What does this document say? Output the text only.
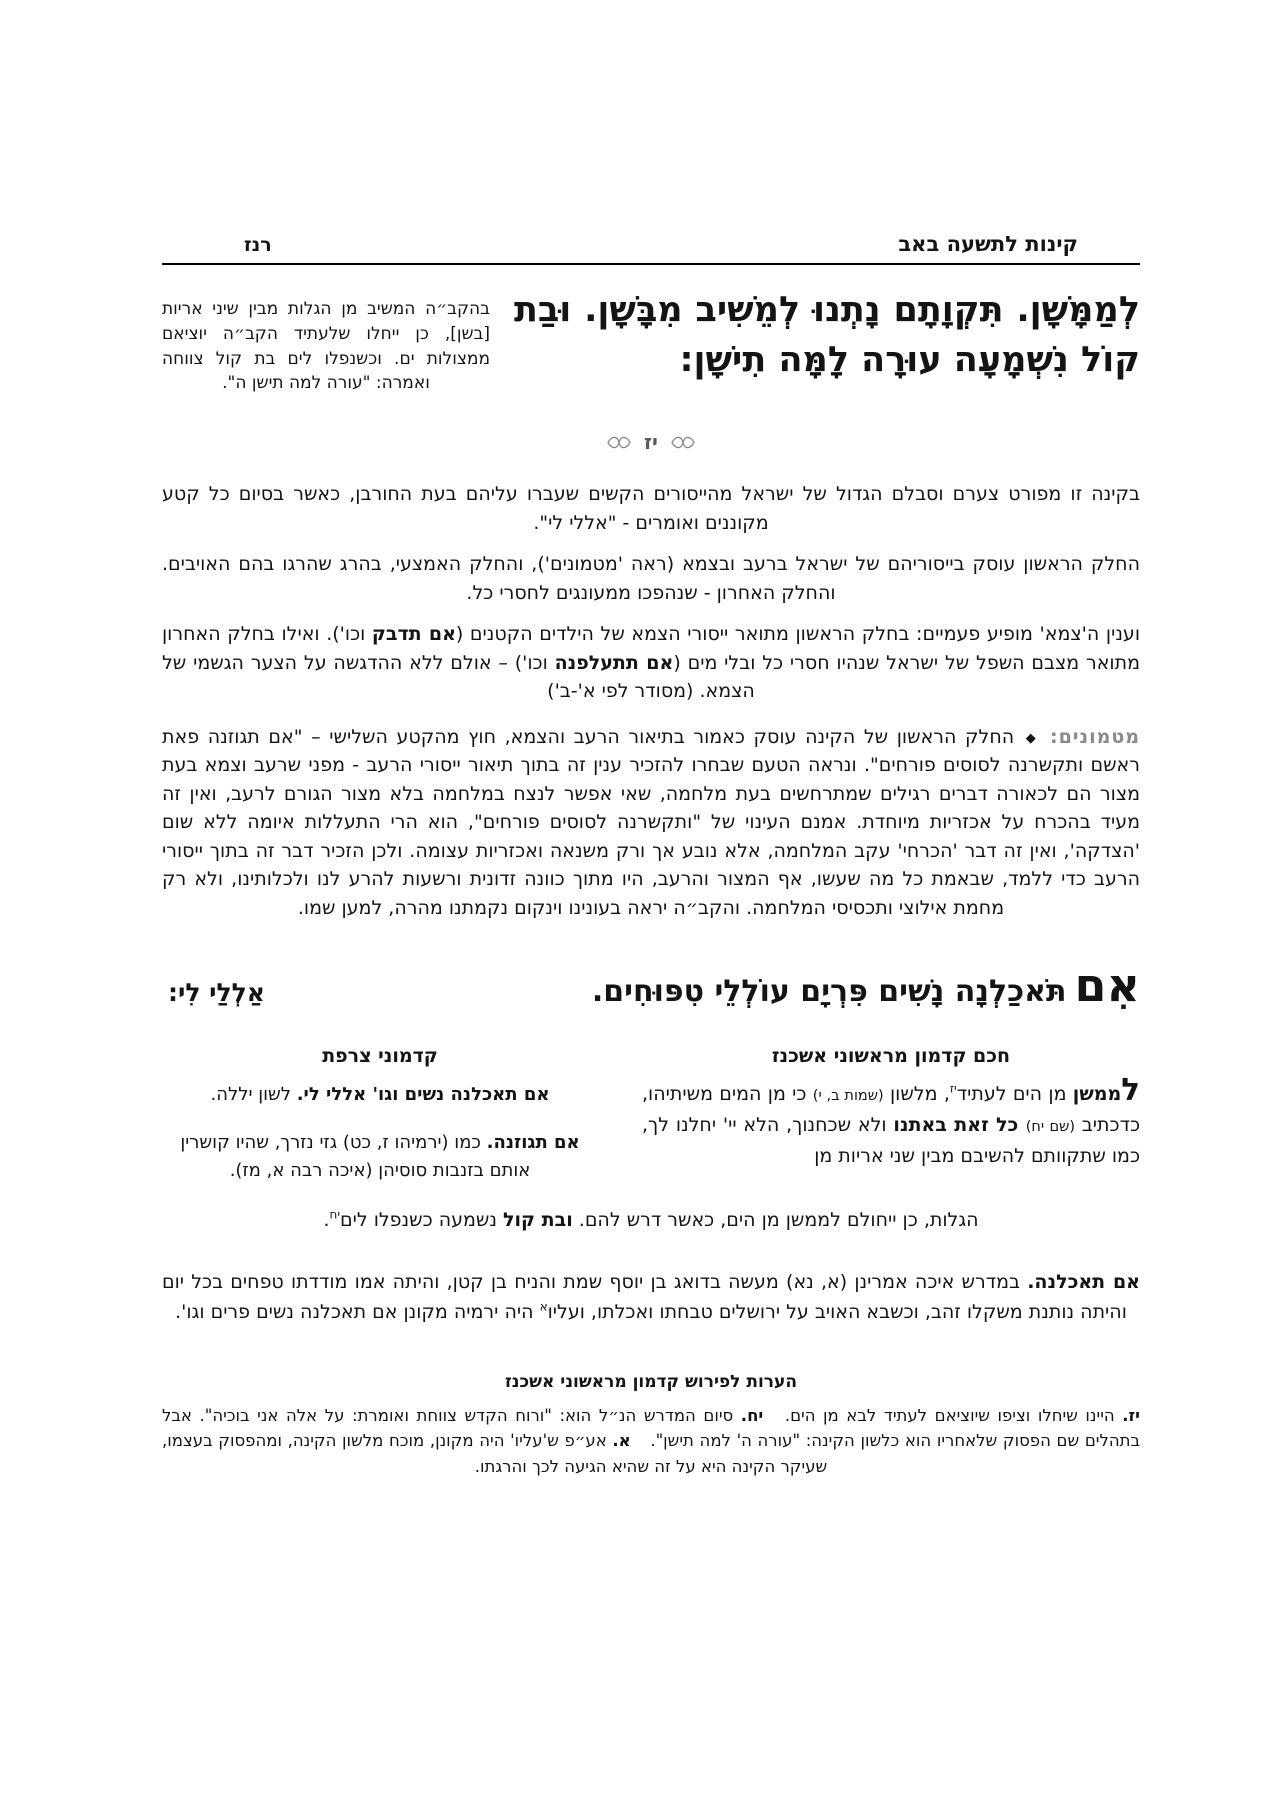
קינות לתשעה באב
רנז
לְמַמָּשָׁן. תִּקְוָתָם נָתְנוּ לְמֵשִׁיב מִבָּשָׁן. וּבַת קוֹל נִשְׁמָעָה עוּרָה לָמָּה תִישָׁן:
בהקב״ה המשיב מן הגלות מבין שיני אריות [בשן], כן ייחלו שלעתיד הקב״ה יוציאם ממצולות ים. וכשנפלו לים בת קול צווחה ואמרה: "עורה למה תישן ה".
יז

בקינה זו מפורט צערם וסבלם הגדול של ישראל מהייסורים הקשים שעברו עליהם בעת החורבן, כאשר בסיום כל קטע מקוננים ואומרים - "אללי לי".

החלק הראשון עוסק בייסוריהם של ישראל ברעב ובצמא (ראה 'מטמונים'), והחלק האמצעי, בהרג שהרגו בהם האויבים. והחלק האחרון - שנהפכו ממעונגים לחסרי כל.

וענין ה'צמא' מופיע פעמיים: בחלק הראשון מתואר ייסורי הצמא של הילדים הקטנים (אם תדבק וכו'). ואילו בחלק האחרון מתואר מצבם השפל של ישראל שנהיו חסרי כל ובלי מים (אם תתעלפנה וכו') – אולם ללא ההדגשה על הצער הגשמי של הצמא. (מסודר לפי א'-ב')

מטמונים: ◆ החלק הראשון של הקינה עוסק כאמור בתיאור הרעב והצמא, חוץ מהקטע השלישי – "אם תגוזנה פאת ראשם ותקשרנה לסוסים פורחים". ונראה הטעם שבחרו להזכיר ענין זה בתוך תיאור ייסורי הרעב - מפני שרעב וצמא בעת מצור הם לכאורה דברים רגילים שמתרחשים בעת מלחמה, שאי אפשר לנצח במלחמה בלא מצור הגורם לרעב, ואין זה מעיד בהכרח על אכזריות מיוחדת. אמנם העינוי של "ותקשרנה לסוסים פורחים", הוא הרי התעללות איומה ללא שום 'הצדקה', ואין זה דבר 'הכרחי' עקב המלחמה, אלא נובע אך ורק משנאה ואכזריות עצומה. ולכן הזכיר דבר זה בתוך ייסורי הרעב כדי ללמד, שבאמת כל מה שעשו, אף המצור והרעב, היו מתוך כוונה זדונית ורשעות להרע לנו ולכלותינו, ולא רק מחמת אילוצי ותכסיסי המלחמה. והקב״ה יראה בעונינו וינקום נקמתנו מהרה, למען שמו.

אִם
תֹּאכַלְנָה נָשִׁים פִּרְיָם עוֹלְלֵי טִפּוּחִים.
אַלְלַי לִי:
חכם קדמון מראשוני אשכנז
לממשן מן הים לעתיד$^{יז}$, מלשון (שמות ב, י) כי מן המים משיתיהו, כדכתיב (שם יח) כל זאת באתנו ולא שכחנוך, הלא יי' יחלנו לך, כמו שתקוותם להשיבם מבין שני אריות מן
קדמוני צרפת
אם תאכלנה נשים וגו' אללי לי. לשון יללה.
אם תגוזנה. כמו (ירמיהו ז, כט) גזי נזרך, שהיו קושרין אותם בזנבות סוסיהן (איכה רבה א, מז).
הגלות, כן ייחולם לממשן מן הים, כאשר דרש להם. ובת קול נשמעה כשנפלו לים$^{יח}$.
אם תאכלנה. במדרש איכה אמרינן (א, נא) מעשה בדואג בן יוסף שמת והניח בן קטן, והיתה אמו מודדתו טפחים בכל יום והיתה נותנת משקלו זהב, וכשבא האויב על ירושלים טבחתו ואכלתו, ועליו$^א$ היה ירמיה מקונן אם תאכלנה נשים פרים וגו'.
הערות לפירוש קדמון מראשוני אשכנז
יז. היינו שיחלו וציפו שיוציאם לעתיד לבא מן הים. יח. סיום המדרש הנ״ל הוא: "ורוח הקדש צווחת ואומרת: על אלה אני בוכיה". אבל בתהלים שם הפסוק שלאחריו הוא כלשון הקינה: "עורה ה' למה תישן". א. אע״פ ש'עליו' היה מקונן, מוכח מלשון הקינה, ומהפסוק בעצמו, שעיקר הקינה היא על זה שהיא הגיעה לכך והרגתו.
